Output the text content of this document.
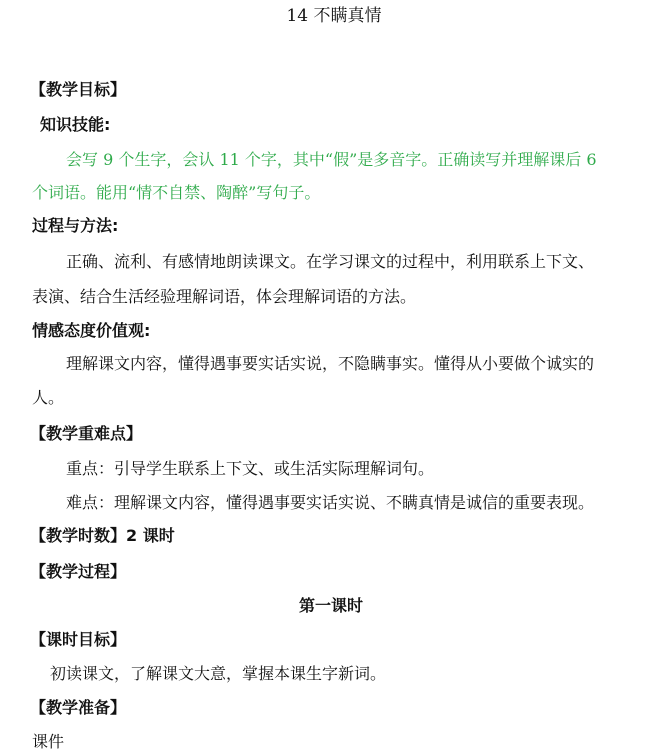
14 不瞒真情
【教学目标】
知识技能:
会写 9 个生字，会认 11 个字，其中“假”是多音字。正确读写并理解课后 6
个词语。能用“情不自禁、陶醉”写句子。
过程与方法:
正确、流利、有感情地朗读课文。在学习课文的过程中，利用联系上下文、
表演、结合生活经验理解词语，体会理解词语的方法。
情感态度价值观:
理解课文内容，懂得遇事要实话实说，不隐瞒事实。懂得从小要做个诚实的
人。
【教学重难点】
重点：引导学生联系上下文、或生活实际理解词句。
难点：理解课文内容，懂得遇事要实话实说、不瞒真情是诚信的重要表现。
【教学时数】2 课时
【教学过程】
第一课时
【课时目标】
初读课文，了解课文大意，掌握本课生字新词。
【教学准备】
课件
